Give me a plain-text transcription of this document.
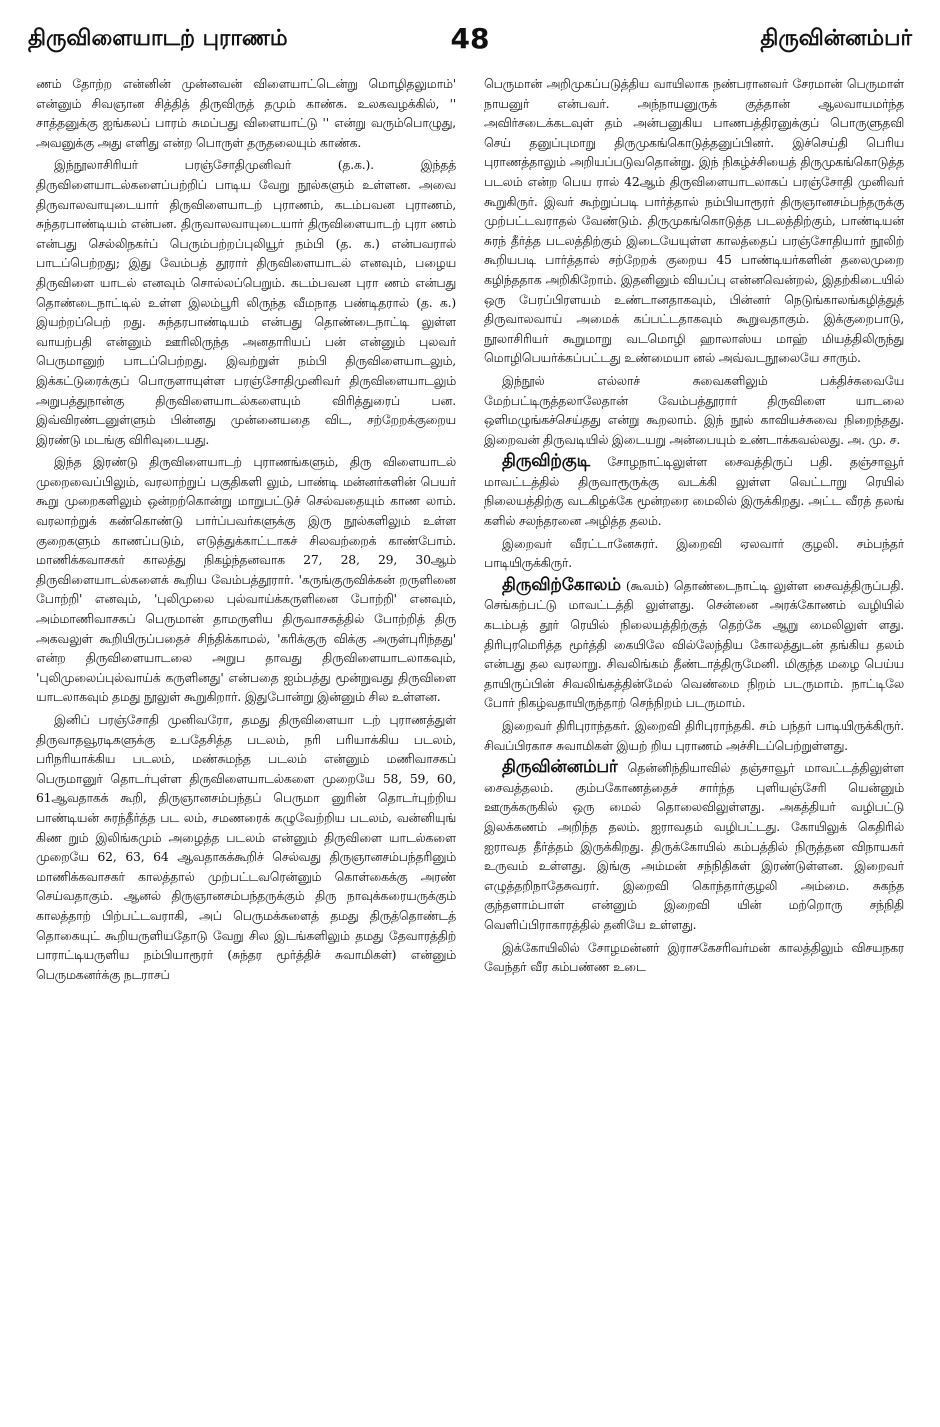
திருவிளையாடற் புராணம்	48	திருவின்னம்பர்

ணம் தோற்ற என்னின் முன்னவன் விளையாட்டென்று மொழிதலுமாம்' என்னும் சிவஞான சித்தித் திருவிருத் தமும் காண்க. உலகவழக்கில், '' சாத்தனுக்கு ஐங்கலப் பாரம் சுமப்பது விளையாட்டு '' என்று வரும்பொழுது, அவனுக்கு அது எளிது என்ற பொருள் தருதலையும் காண்க.

இந்நூலாசிரியர் பரஞ்சோதிமுனிவர் (த.க.). இந்தத் திருவிளையாடல்களைப்பற்றிப் பாடிய வேறு நூல்களும் உள்ளன. அவை திருவாலவாயுடையார் திருவிளையாடற் புராணம், கடம்பவன புராணம், சுந்தரபாண்டியம் என்பன. திருவாலவாயுடையார் திருவிளையாடற் புரா ணம் என்பது செல்லிநகர்ப் பெரும்பற்றப்புலியூர் நம்பி (த. க.) என்பவரால் பாடப்பெற்றது; இது வேம்பத் தூரார் திருவிளையாடல் எனவும், பழைய திருவிளை யாடல் எனவும் சொல்லப்பெறும். கடம்பவன புரா ணம் என்பது தொண்டைநாட்டில் உள்ள இலம்பூரி லிருந்த வீமநாத பண்டிதரால் (த. க.) இயற்றப்பெற் றது. சுந்தரபாண்டியம் என்பது தொண்டைநாட்டி லுள்ள வாயற்பதி என்னும் ஊரிலிருந்த அனதாரியப் பன் என்னும் புலவர் பெருமானுற் பாடப்பெற்றது. இவற்றுள் நம்பி திருவிளையாடலும், இக்கட்டுரைக்குப் பொருளாயுள்ள பரஞ்சோதிமுனிவர் திருவிளையாடலும் அறுபத்துநான்கு திருவிளையாடல்களையும் விரித்துரைப் பன. இவ்விரண்டனுள்ளும் பின்னது முன்னையதை விட, சற்றேறக்குறைய இரண்டு மடங்கு விரிவுடையது.

இந்த இரண்டு திருவிளையாடற் புராணங்களும், திரு விளையாடல் முறைவைப்பிலும், வரலாற்றுப் பகுதிகளி லும், பாண்டி மன்னர்களின் பெயர் கூறு முறைகளிலும் ஒன்றற்கொன்று மாறுபட்டுச் செல்வதையும் காண லாம். வரலாற்றுக் கண்கொண்டு பார்ப்பவர்களுக்கு இரு நூல்களிலும் உள்ள குறைகளும் காணப்படும், எடுத்துக்காட்டாகச் சிலவற்றைக் காண்போம். மாணிக்கவாசகர் காலத்து நிகழ்ந்தனவாக 27, 28, 29, 30ஆம் திருவிளையாடல்களைக் கூறிய வேம்பத்தூரார். 'கருங்குருவிக்கன் றருளினை போற்றி' எனவும், 'புலிமுலை புல்வாய்க்கருளினை போற்றி' எனவும், அம்மாணிவாசகப் பெருமான் தாமருளிய திருவாசகத்தில் போற்றித் திரு அகவலுள் கூறியிருப்பதைச் சிந்திக்காமல், 'கரிக்குரு விக்கு அருள்புரிந்தது' என்ற திருவிளையாடலை அறுப தாவது திருவிளையாடலாகவும், 'புலிமுலைப்புல்வாய்க் கருளினது' என்பதை ஐம்பத்து மூன்றுவது திருவிளை யாடலாகவும் தமது நூலுள் கூறுகிறார். இதுபோன்று இன்னும் சில உள்ளன.

இனிப் பரஞ்சோதி முனிவரோ, தமது திருவிளையா டற் புராணத்துள் திருவாதவூரடிகளுக்கு உபதேசித்த படலம், நரி பரியாக்கிய படலம், பரிநரியாக்கிய படலம், மண்சுமந்த படலம் என்னும் மணிவாசகப் பெருமானுர் தொடர்புள்ள திருவிளையாடல்களை முறையே 58, 59, 60, 61ஆவதாகக் கூறி, திருஞானசம்பந்தப் பெருமா னுரின் தொடர்புற்றிய பாண்டியன் சுரந்தீர்த்த பட லம், சமணரைக் கழுவேற்றிய படலம், வன்னியுங் கிண றும் இலிங்கமும் அழைத்த படலம் என்னும் திருவிளை யாடல்களை முறையே 62, 63, 64 ஆவதாகக்கூறிச் செல்வது திருஞானசம்பந்தரினும் மாணிக்கவாசகர் காலத்தால் முற்பட்டவரென்னும் கொள்கைக்கு அரண் செய்வதாகும். ஆனல் திருஞானசம்பந்தருக்கும் திரு நாவுக்கரையருக்கும் காலத்தாற் பிற்பட்டவராகி, அப் பெருமக்களைத் தமது திருத்தொண்டத் தொகையுட் கூறியருளியதோடு வேறு சில இடங்களிலும் தமது தேவாரத்திற் பாராட்டியருளிய நம்பியாரூரர் (சுந்தர மூர்த்திச் சுவாமிகள்) என்னும் பெருமகனர்க்கு நடராசப்

பெருமான் அறிமுகப்படுத்திய வாயிலாக நண்பரானவர் சேரமான் பெருமாள் நாயனுர் என்பவர். அந்நாயனுருக் குத்தான் ஆலவாயமர்ந்த அவிர்சடைக்கடவுள் தம் அன்பனுகிய பாணபத்திரனுக்குப் பொருளுதவி செய் தனுப்புமாறு திருமுகங்கொடுத்தனுப்பினர். இச்செய்தி பெரிய புராணத்தாலும் அறியப்படுவதொன்று. இந் நிகழ்ச்சியைத் திருமுகங்கொடுத்த படலம் என்ற பெய ரால் 42ஆம் திருவிளையாடலாகப் பரஞ்சோதி முனிவர் கூறுகிருர். இவர் கூற்றுப்படி பார்த்தால் நம்பியாரூரர் திருஞானசம்பந்தருக்கு முற்பட்டவராதல் வேண்டும். திருமுகங்கொடுத்த படலத்திற்கும், பாண்டியன் சுரந் தீர்த்த படலத்திற்கும் இடையேயுள்ள காலத்தைப் பரஞ்சோதியார் நூலிற் கூறியபடி பார்த்தால் சற்றேறக் குறைய 45 பாண்டியர்களின் தலைமுறை கழிந்ததாக அறிகிறோம். இதனினும் வியப்பு என்னவென்றல், இதற்கிடையில் ஒரு பேரப்பிரளயம் உண்டானதாகவும், பின்னர் நெடுங்காலங்கழித்துத் திருவாலவாய் அமைக் கப்பட்டதாகவும் கூறுவதாகும். இக்குறைபாடு, நூலாசிரியர் கூறுமாறு வடமொழி ஹாலாஸ்ய மாஹ் மியத்திலிருந்து மொழிபெயர்க்கப்பட்டது உண்மையா னல் அவ்வடநூலையே சாரும்.

இந்நூல் எல்லாச் சுவைகளிலும் பக்திச்சுவையே மேற்பட்டிருத்தலாலேதான் வேம்பத்தூரார் திருவிளை யாடலை ஒளிமழுங்கச்செய்தது என்று கூறலாம். இந் நூல் காவியச்சுவை நிறைந்தது. இறைவன் திருவடியில் இடையறு அன்பையும் உண்டாக்கவல்லது. அ. மு. ச.

திருவிற்குடி சோழநாட்டிலுள்ள சைவத்திருப் பதி. தஞ்சாவூர் மாவட்டத்தில் திருவாரூருக்கு வடக்கி லுள்ள வெட்டாறு ரெயில் நிலையத்திற்கு வடகிழக்கே மூன்றரை மைலில் இருக்கிறது. அட்ட வீரத் தலங் களில் சலந்தரனை அழித்த தலம்.

இறைவர் வீரட்டானேசுரர். இறைவி ஏலவார் குழலி. சம்பந்தர் பாடியிருக்கிருர்.

திருவிற்கோலம் (கூவம்) தொண்டைநாட்டி லுள்ள சைவத்திருப்பதி. செங்கற்பட்டு மாவட்டத்தி லுள்ளது. சென்னை அரக்கோணம் வழியில் கடம்பத் தூர் ரெயில் நிலையத்திற்குத் தெற்கே ஆறு மைலிலுள் ளது. திரிபுரமெரித்த மூர்த்தி கையிலே வில்லேந்திய கோலத்துடன் தங்கிய தலம் என்பது தல வரலாறு. சிவலிங்கம் தீண்டாத்திருமேனி. மிகுந்த மழை பெய்ய தாயிருப்பின் சிவலிங்கத்தின்மேல் வெண்மை நிறம் படருமாம். நாட்டிலே போர் நிகழ்வதாயிருந்தாற் செந்நிறம் படருமாம்.

இறைவர் திரிபுராந்தகர். இறைவி திரிபுராந்தகி. சம் பந்தர் பாடியிருக்கிருர். சிவப்பிரகாச சுவாமிகள் இயற் றிய புராணம் அச்சிடப்பெற்றுள்ளது.

திருவின்னம்பர் தென்னிந்தியாவில் தஞ்சாவூர் மாவட்டத்திலுள்ள சைவத்தலம். கும்பகோணத்தைச் சார்ந்த புளியஞ்சேரி யென்னும் ஊருக்கருகில் ஒரு மைல் தொலைவிலுள்ளது. அகத்தியர் வழிபட்டு இலக்கணம் அறிந்த தலம். ஐராவதம் வழிபட்டது. கோயிலுக் கெதிரில் ஐராவத தீர்த்தம் இருக்கிறது. திருக்கோயில் கம்பத்தில் நிருத்தன விநாயகர் உருவம் உள்ளது. இங்கு அம்மன் சந்நிதிகள் இரண்டுள்ளன. இறைவர் எழுத்தறிநாதேசுவரர். இறைவி கொந்தார்குழலி அம்மை. சுகந்த குந்தளாம்பாள் என்னும் இறைவி யின் மற்றொரு சந்நிதி வெளிப்பிராகாரத்தில் தனியே உள்ளது.

இக்கோயிலில் சோழமன்னர் இராசகேசரிவர்மன் காலத்திலும் விசயநகர வேந்தர் வீர கம்பண்ண உடை
